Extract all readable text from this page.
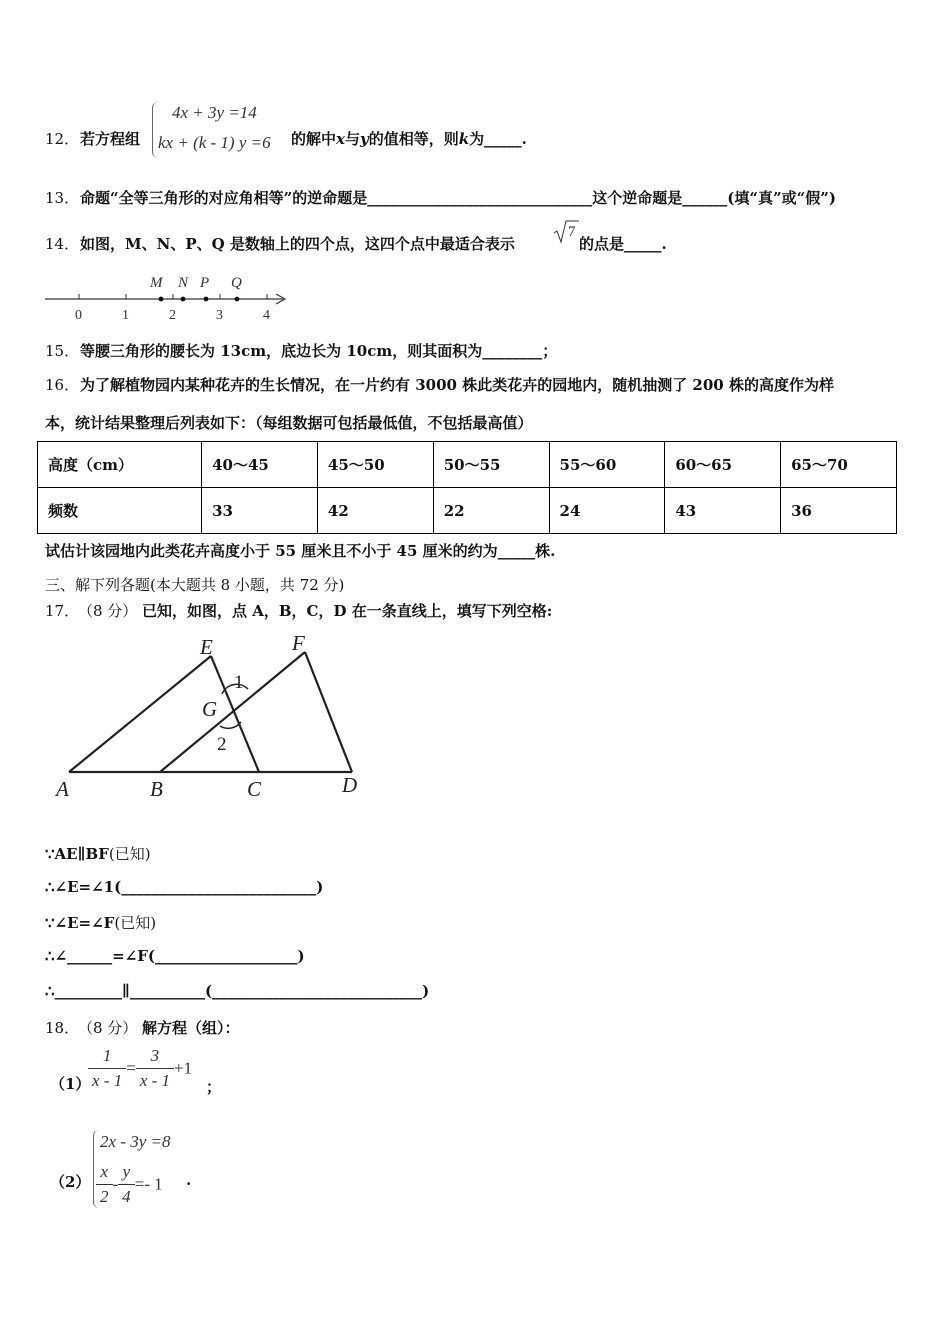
12． 若方程组
4x + 3y =14
kx + (k - 1) y =6 的解中x与y的值相等，则k为_____.
13． 命题“全等三角形的对应角相等”的逆命题是______________________________这个逆命题是______(填“真”或“假”)
14． 如图，M、N、P、Q 是数轴上的四个点，这四个点中最适合表示
7
的点是_____.
M N P Q
0	1	2	3	4
15． 等腰三角形的腰长为 13cm，底边长为 10cm，则其面积为________；
16． 为了解植物园内某种花卉的生长情况，在一片约有 3000 株此类花卉的园地内，随机抽测了 200 株的高度作为样
本，统计结果整理后列表如下：（每组数据可包括最低值，不包括最高值）
高度（cm）	40～45	45～50	50～55	55～60	60～65	65～70
频数	33	42	22	24	43	36
试估计该园地内此类花卉高度小于 55 厘米且不小于 45 厘米的约为_____株.
三、解下列各题(本大题共 8 小题，共 72 分)
17．
（8 分） 已知，如图，点 A，B，C，D 在一条直线上，填写下列空格:
E	F
G
1
2
A	B	C	D
∵AE∥BF(已知)
∴∠E=∠1(__________________________)
∵∠E=∠F(已知)
∴∠______=∠F(___________________)
∴_________∥__________(____________________________)
18．
（8 分） 解方程（组）：
（1）
$\frac{1}{x - 1} = \frac{3}{x - 1} +1$
；
（2）
2x - 3y =8
$\frac{x}{2} - \frac{y}{4} =- 1$ .
